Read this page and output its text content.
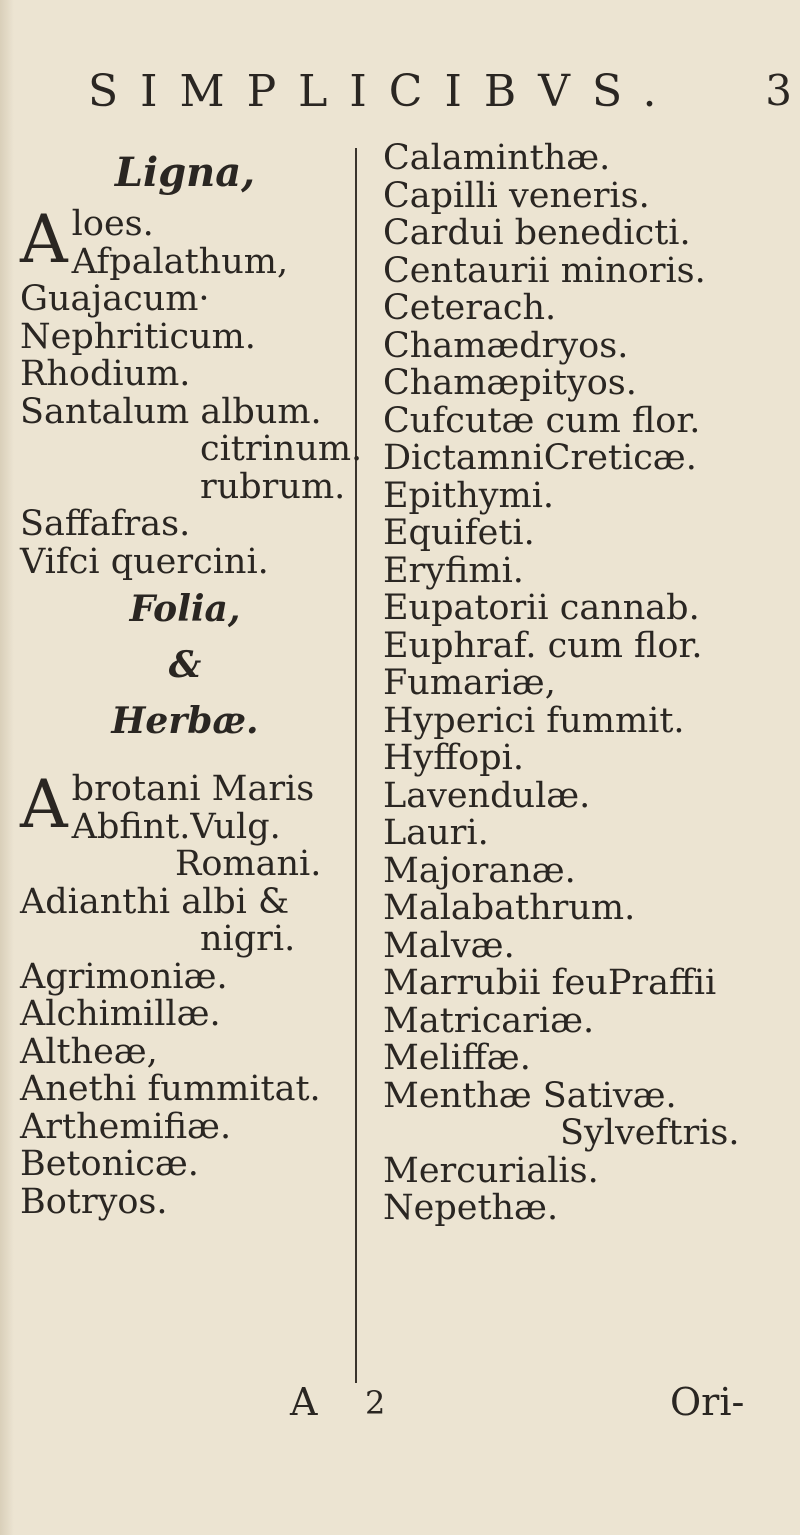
SIMPLICIBVS. 3
Ligna,
A loes.
Afpalathum,
Guajacum·
Nephriticum.
Rhodium.
Santalum album.
citrinum.
rubrum.
Saffafras.
Vifci quercini.
Folia,
&
Herbæ.
A brotani Maris
Abfint.Vulg.
Romani.
Adianthi albi &
nigri.
Agrimoniæ.
Alchimillæ.
Altheæ,
Anethi fummitat.
Arthemifiæ.
Betonicæ.
Botryos.
Calaminthæ.
Capilli veneris.
Cardui benedicti.
Centaurii minoris.
Ceterach.
Chamædryos.
Chamæpityos.
Cufcutæ cum flor.
DictamniCreticæ.
Epithymi.
Equifeti.
Eryfimi.
Eupatorii cannab.
Euphraf. cum flor.
Fumariæ,
Hyperici fummit.
Hyffopi.
Lavendulæ.
Lauri.
Majoranæ.
Malabathrum.
Malvæ.
Marrubii feuPraffii
Matricariæ.
Meliffæ.
Menthæ Sativæ.
Sylveftris.
Mercurialis.
Nepethæ.
A 2	Ori-
